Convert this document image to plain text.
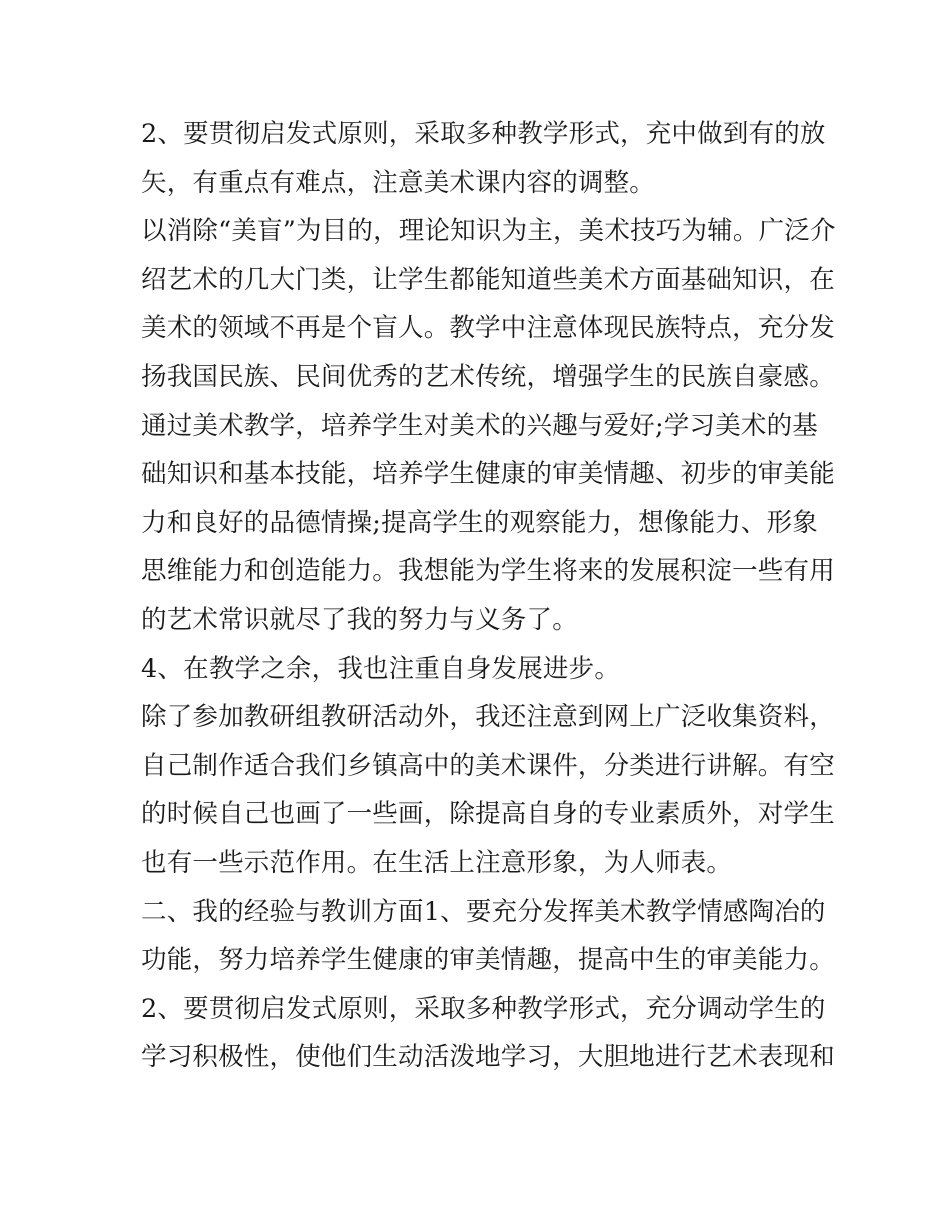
2、要贯彻启发式原则，采取多种教学形式，充中做到有的放
矢，有重点有难点，注意美术课内容的调整。
以消除“美盲”为目的，理论知识为主，美术技巧为辅。广泛介
绍艺术的几大门类，让学生都能知道些美术方面基础知识，在
美术的领域不再是个盲人。教学中注意体现民族特点，充分发
扬我国民族、民间优秀的艺术传统，增强学生的民族自豪感。
通过美术教学，培养学生对美术的兴趣与爱好;学习美术的基
础知识和基本技能，培养学生健康的审美情趣、初步的审美能
力和良好的品德情操;提高学生的观察能力，想像能力、形象
思维能力和创造能力。我想能为学生将来的发展积淀一些有用
的艺术常识就尽了我的努力与义务了。
4、在教学之余，我也注重自身发展进步。
除了参加教研组教研活动外，我还注意到网上广泛收集资料，
自己制作适合我们乡镇高中的美术课件，分类进行讲解。有空
的时候自己也画了一些画，除提高自身的专业素质外，对学生
也有一些示范作用。在生活上注意形象，为人师表。
二、我的经验与教训方面1、要充分发挥美术教学情感陶冶的
功能，努力培养学生健康的审美情趣，提高中生的审美能力。
2、要贯彻启发式原则，采取多种教学形式，充分调动学生的
学习积极性，使他们生动活泼地学习，大胆地进行艺术表现和
